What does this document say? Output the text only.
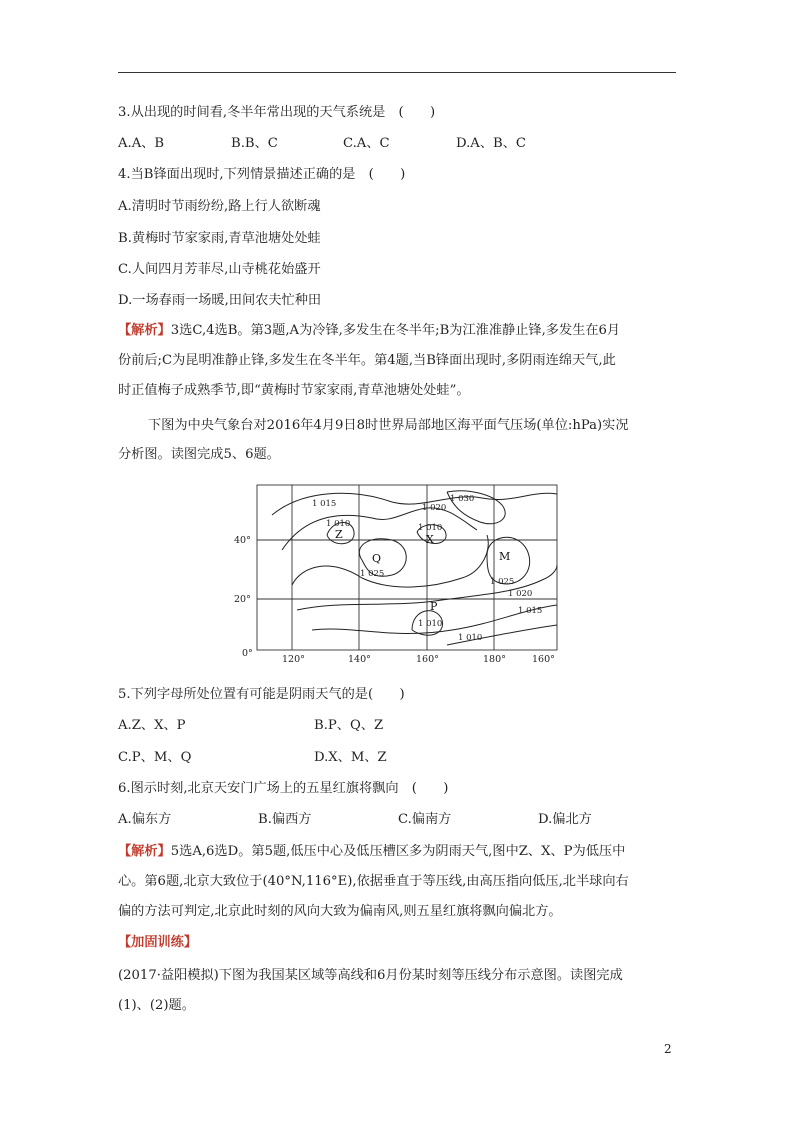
3.从出现的时间看,冬半年常出现的天气系统是　(　　)
A.A、B	B.B、C	C.A、C	D.A、B、C
4.当B锋面出现时,下列情景描述正确的是　(　　)
A.清明时节雨纷纷,路上行人欲断魂
B.黄梅时节家家雨,青草池塘处处蛙
C.人间四月芳菲尽,山寺桃花始盛开
D.一场春雨一场暖,田间农夫忙种田
【解析】3选C,4选B。第3题,A为冷锋,多发生在冬半年;B为江淮准静止锋,多发生在6月
份前后;C为昆明准静止锋,多发生在冬半年。第4题,当B锋面出现时,多阴雨连绵天气,此
时正值梅子成熟季节,即“黄梅时节家家雨,青草池塘处处蛙”。
下图为中央气象台对2016年4月9日8时世界局部地区海平面气压场(单位:hPa)实况
分析图。读图完成5、6题。
40°
20°
0°
120°	140°	160°	180°	160°
1 015
1 010
1 020
1 030
1 010
1 025
1 025
1 020
1 015
1 010
1 010
Z	X
Q	M
P
5.下列字母所处位置有可能是阴雨天气的是(　　)
A.Z、X、P	B.P、Q、Z
C.P、M、Q	D.X、M、Z
6.图示时刻,北京天安门广场上的五星红旗将飘向　(　　)
A.偏东方	B.偏西方	C.偏南方	D.偏北方
【解析】5选A,6选D。第5题,低压中心及低压槽区多为阴雨天气,图中Z、X、P为低压中
心。第6题,北京大致位于(40°N,116°E),依据垂直于等压线,由高压指向低压,北半球向右
偏的方法可判定,北京此时刻的风向大致为偏南风,则五星红旗将飘向偏北方。
【加固训练】
(2017·益阳模拟)下图为我国某区域等高线和6月份某时刻等压线分布示意图。读图完成
(1)、(2)题。
2
